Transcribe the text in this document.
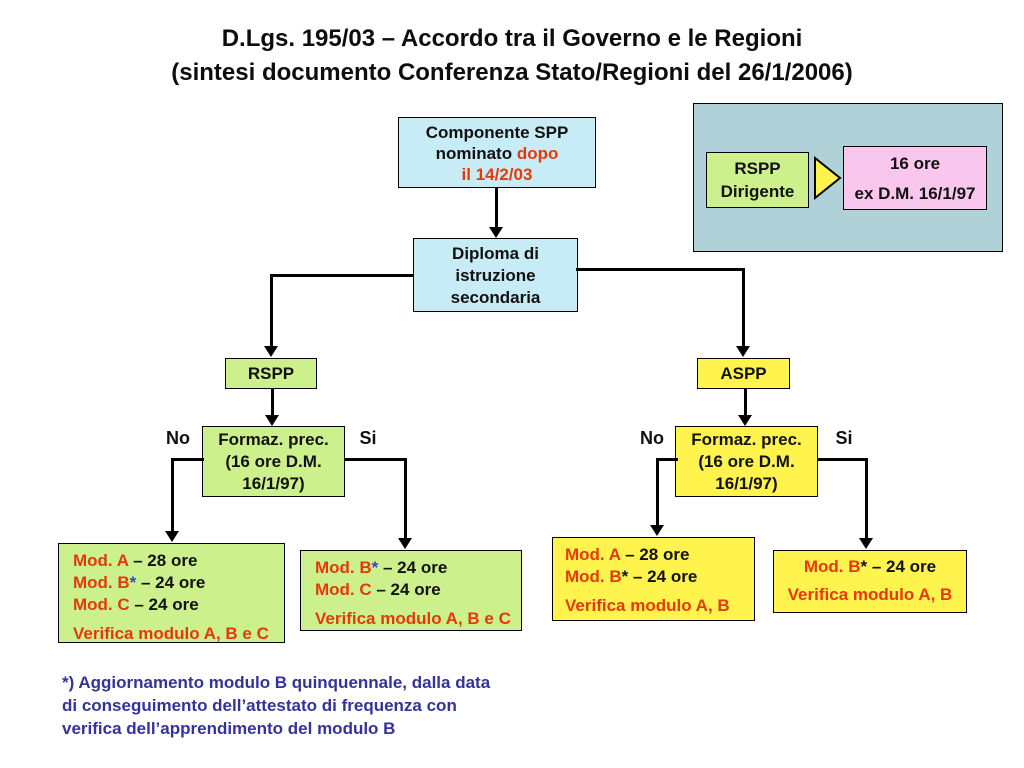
D.Lgs. 195/03 – Accordo tra il Governo e le Regioni
(sintesi documento Conferenza Stato/Regioni del 26/1/2006)
Componente SPP
nominato dopo
il 14/2/03	RSPP
Dirigente
16 ore
ex D.M. 16/1/97
Diploma di
istruzione
secondaria
RSPP	ASPP
Formaz. prec.
(16 ore D.M.
16/1/97)
Formaz. prec.
(16 ore D.M.
16/1/97)
No	Si	No	Si
Mod. A – 28 ore
Mod. B* – 24 ore
Mod. C – 24 ore
Verifica modulo A, B e C
Mod. B* – 24 ore
Mod. C – 24 ore
Verifica modulo A, B e C
Mod. A – 28 ore
Mod. B* – 24 ore
Verifica modulo A, B
Mod. B* – 24 ore
Verifica modulo A, B
*) Aggiornamento modulo B quinquennale, dalla data
di conseguimento dell’attestato di frequenza con
verifica dell’apprendimento del modulo B
